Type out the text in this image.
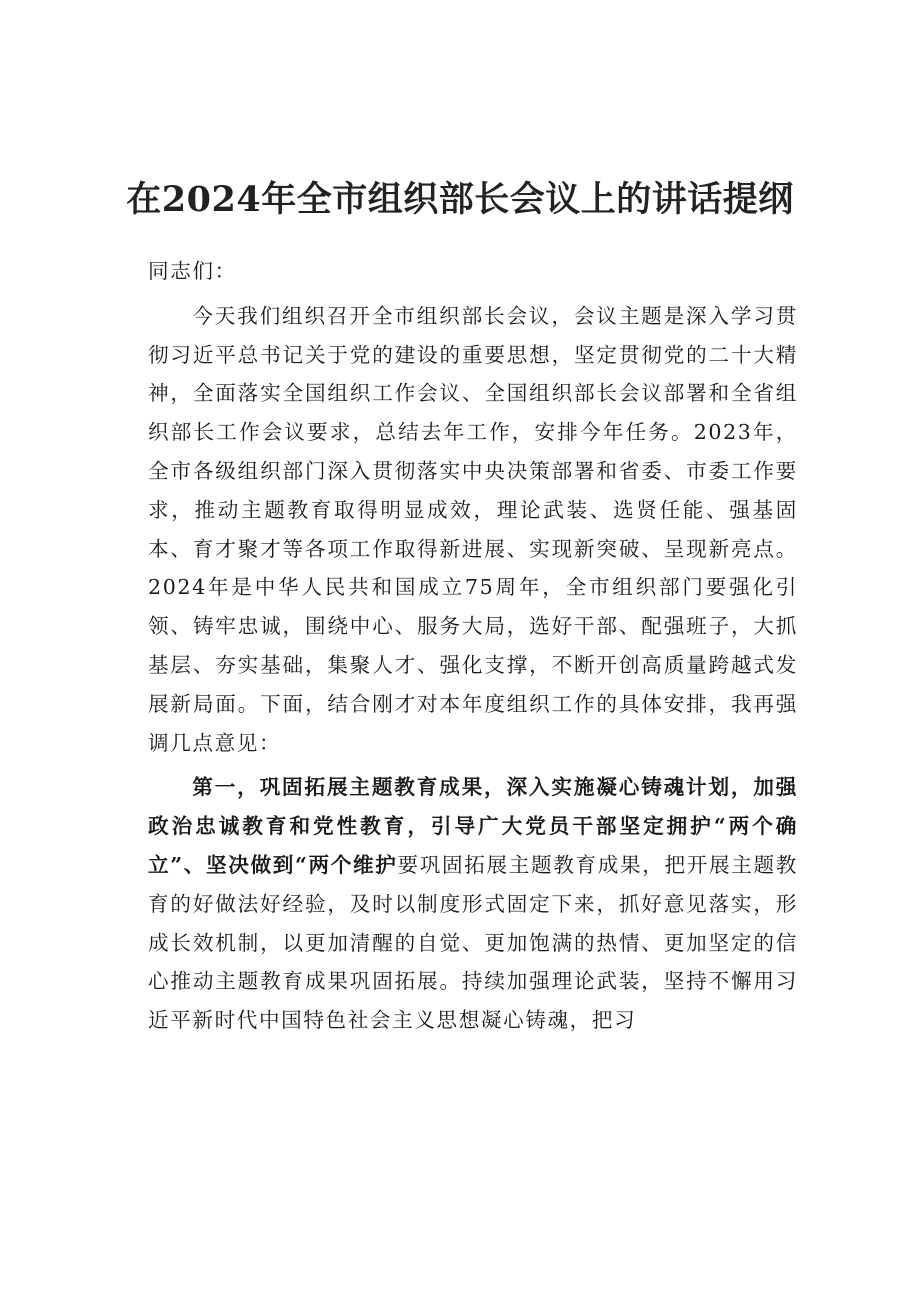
在2024年全市组织部长会议上的讲话提纲

同志们：

今天我们组织召开全市组织部长会议，会议主题是深入学习贯彻习近平总书记关于党的建设的重要思想，坚定贯彻党的二十大精神，全面落实全国组织工作会议、全国组织部长会议部署和全省组织部长工作会议要求，总结去年工作，安排今年任务。2023年，全市各级组织部门深入贯彻落实中央决策部署和省委、市委工作要求，推动主题教育取得明显成效，理论武装、选贤任能、强基固本、育才聚才等各项工作取得新进展、实现新突破、呈现新亮点。2024年是中华人民共和国成立75周年，全市组织部门要强化引领、铸牢忠诚，围绕中心、服务大局，选好干部、配强班子，大抓基层、夯实基础，集聚人才、强化支撑，不断开创高质量跨越式发展新局面。下面，结合刚才对本年度组织工作的具体安排，我再强调几点意见：

第一，巩固拓展主题教育成果，深入实施凝心铸魂计划，加强政治忠诚教育和党性教育，引导广大党员干部坚定拥护“两个确立”、坚决做到“两个维护要巩固拓展主题教育成果，把开展主题教育的好做法好经验，及时以制度形式固定下来，抓好意见落实，形成长效机制，以更加清醒的自觉、更加饱满的热情、更加坚定的信心推动主题教育成果巩固拓展。持续加强理论武装，坚持不懈用习近平新时代中国特色社会主义思想凝心铸魂，把习
